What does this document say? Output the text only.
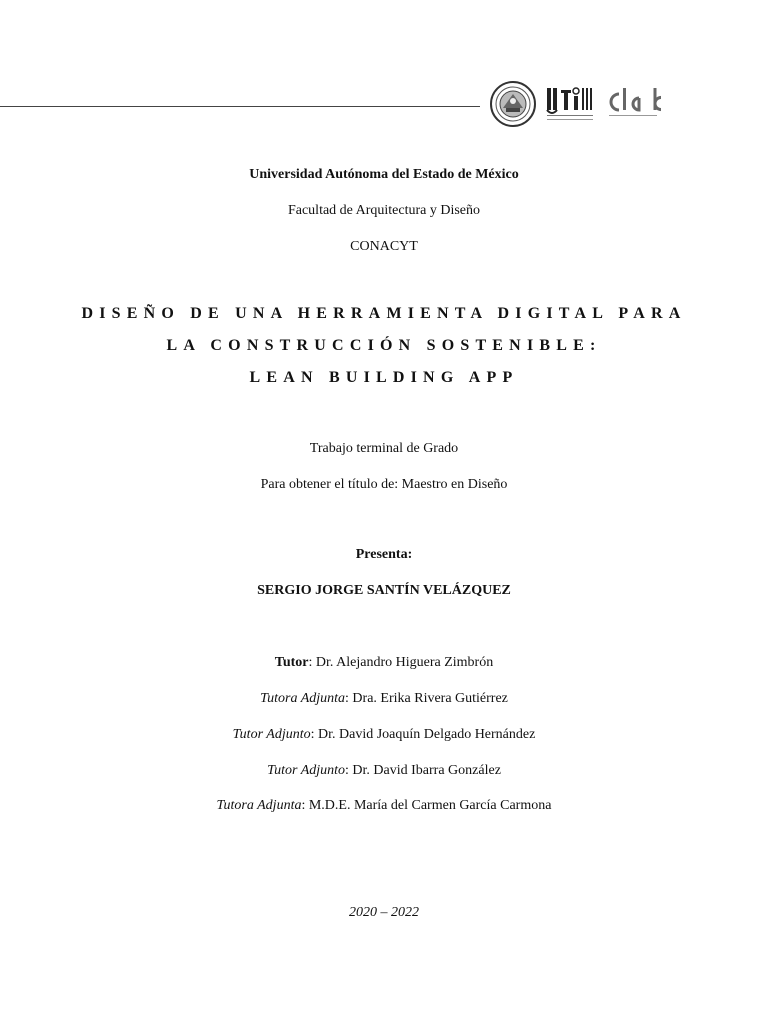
Universidad Autónoma del Estado de México
Facultad de Arquitectura y Diseño
CONACYT
DISEÑO DE UNA HERRAMIENTA DIGITAL PARA
LA CONSTRUCCIÓN SOSTENIBLE:
LEAN BUILDING APP
Trabajo terminal de Grado
Para obtener el título de: Maestro en Diseño
Presenta:
SERGIO JORGE SANTÍN VELÁZQUEZ
Tutor: Dr. Alejandro Higuera Zimbrón
Tutora Adjunta: Dra. Erika Rivera Gutiérrez
Tutor Adjunto: Dr. David Joaquín Delgado Hernández
Tutor Adjunto: Dr. David Ibarra González
Tutora Adjunta: M.D.E. María del Carmen García Carmona
2020 – 2022
